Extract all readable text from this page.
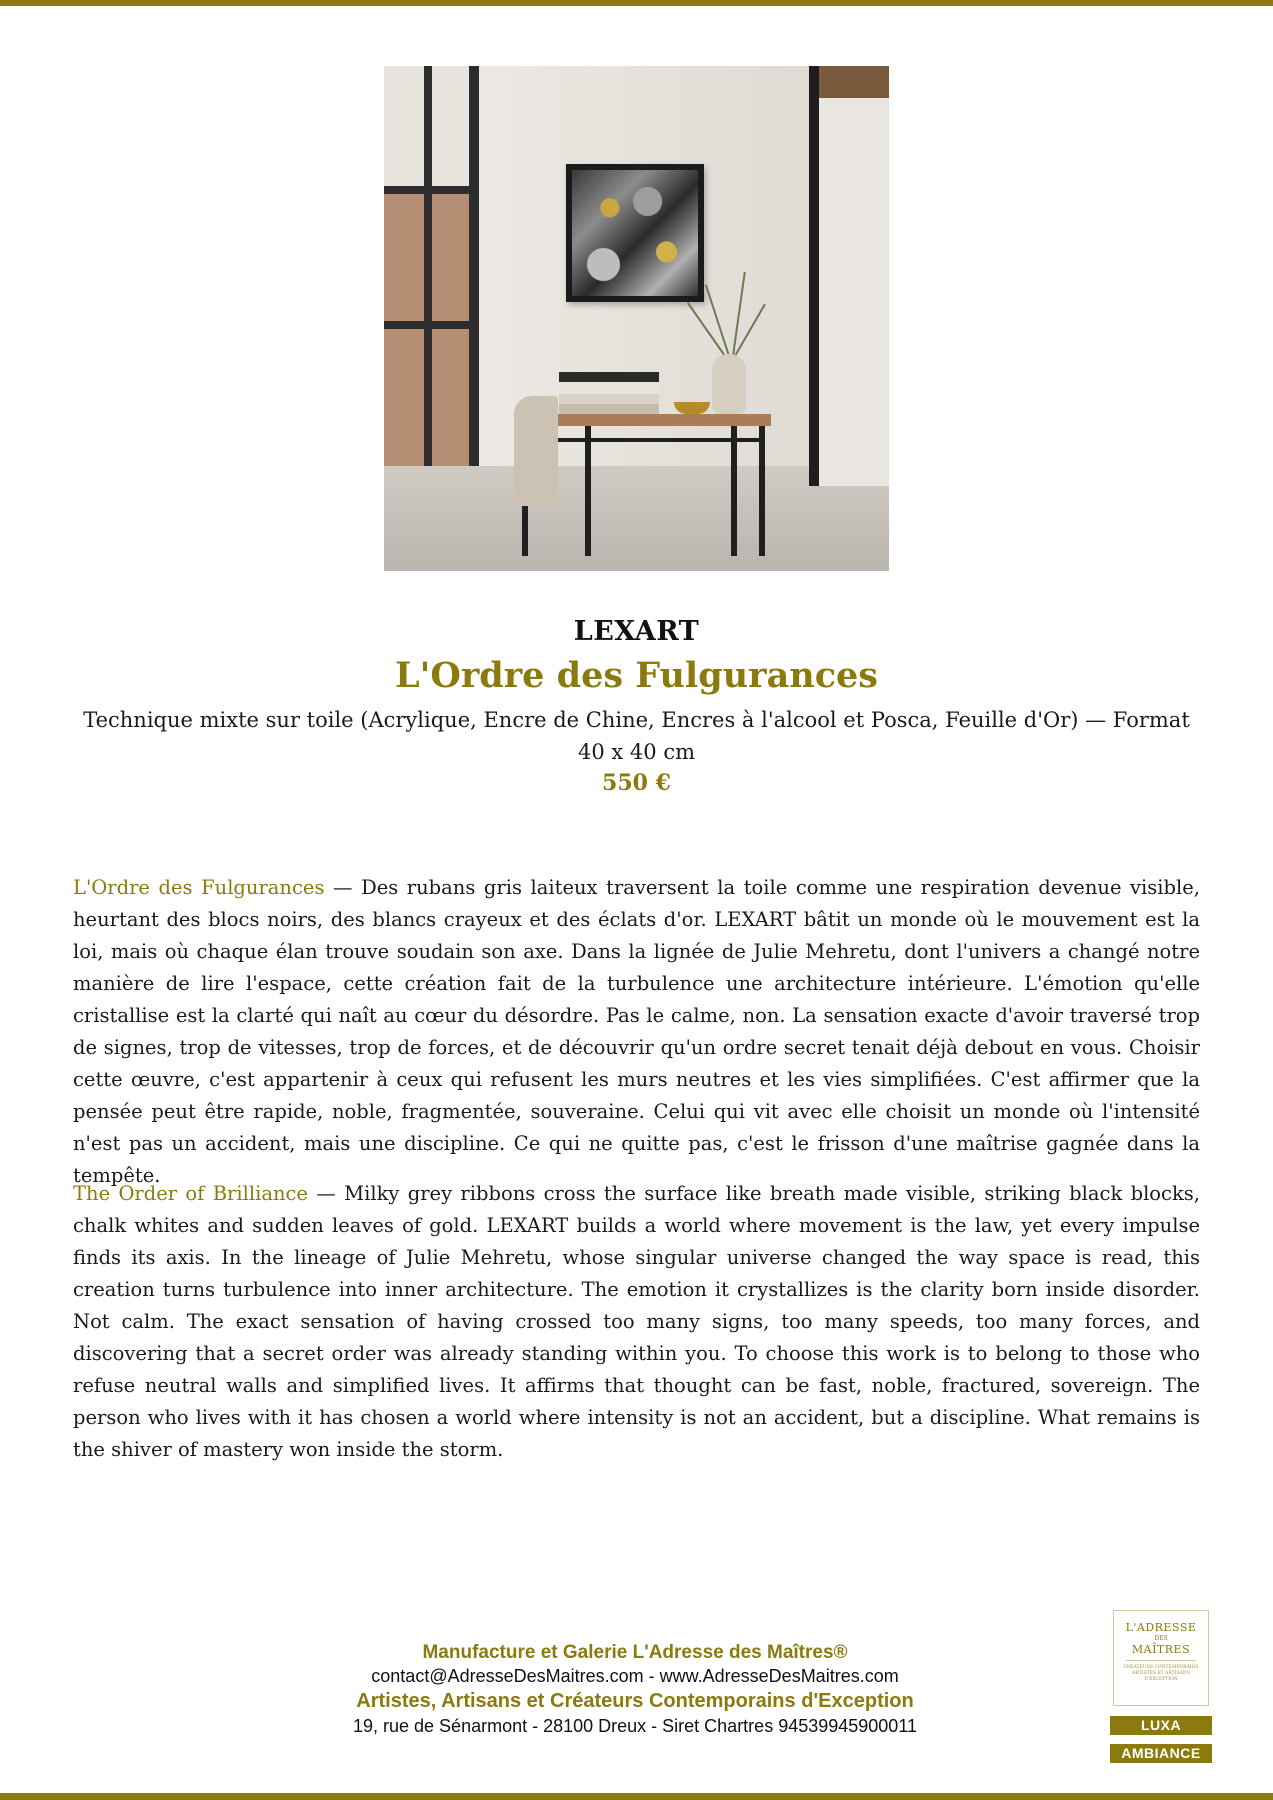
LEXART
L'Ordre des Fulgurances

Technique mixte sur toile (Acrylique, Encre de Chine, Encres à l'alcool et Posca, Feuille d'Or) — Format 40 x 40 cm

550 €

L'Ordre des Fulgurances — Des rubans gris laiteux traversent la toile comme une respiration devenue visible, heurtant des blocs noirs, des blancs crayeux et des éclats d'or. LEXART bâtit un monde où le mouvement est la loi, mais où chaque élan trouve soudain son axe. Dans la lignée de Julie Mehretu, dont l'univers a changé notre manière de lire l'espace, cette création fait de la turbulence une architecture intérieure. L'émotion qu'elle cristallise est la clarté qui naît au cœur du désordre. Pas le calme, non. La sensation exacte d'avoir traversé trop de signes, trop de vitesses, trop de forces, et de découvrir qu'un ordre secret tenait déjà debout en vous. Choisir cette œuvre, c'est appartenir à ceux qui refusent les murs neutres et les vies simplifiées. C'est affirmer que la pensée peut être rapide, noble, fragmentée, souveraine. Celui qui vit avec elle choisit un monde où l'intensité n'est pas un accident, mais une discipline. Ce qui ne quitte pas, c'est le frisson d'une maîtrise gagnée dans la tempête.

The Order of Brilliance — Milky grey ribbons cross the surface like breath made visible, striking black blocks, chalk whites and sudden leaves of gold. LEXART builds a world where movement is the law, yet every impulse finds its axis. In the lineage of Julie Mehretu, whose singular universe changed the way space is read, this creation turns turbulence into inner architecture. The emotion it crystallizes is the clarity born inside disorder. Not calm. The exact sensation of having crossed too many signs, too many speeds, too many forces, and discovering that a secret order was already standing within you. To choose this work is to belong to those who refuse neutral walls and simplified lives. It affirms that thought can be fast, noble, fractured, sovereign. The person who lives with it has chosen a world where intensity is not an accident, but a discipline. What remains is the shiver of mastery won inside the storm.

Manufacture et Galerie L'Adresse des Maîtres®
contact@AdresseDesMaitres.com - www.AdresseDesMaitres.com
Artistes, Artisans et Créateurs Contemporains d'Exception
19, rue de Sénarmont - 28100 Dreux - Siret Chartres 94539945900011
L'ADRESSE
DES
MAÎTRES
CRÉATEURS CONTEMPORAINS ARTISTES ET ARTISANS D'EXCEPTION
LUXA
AMBIANCE
